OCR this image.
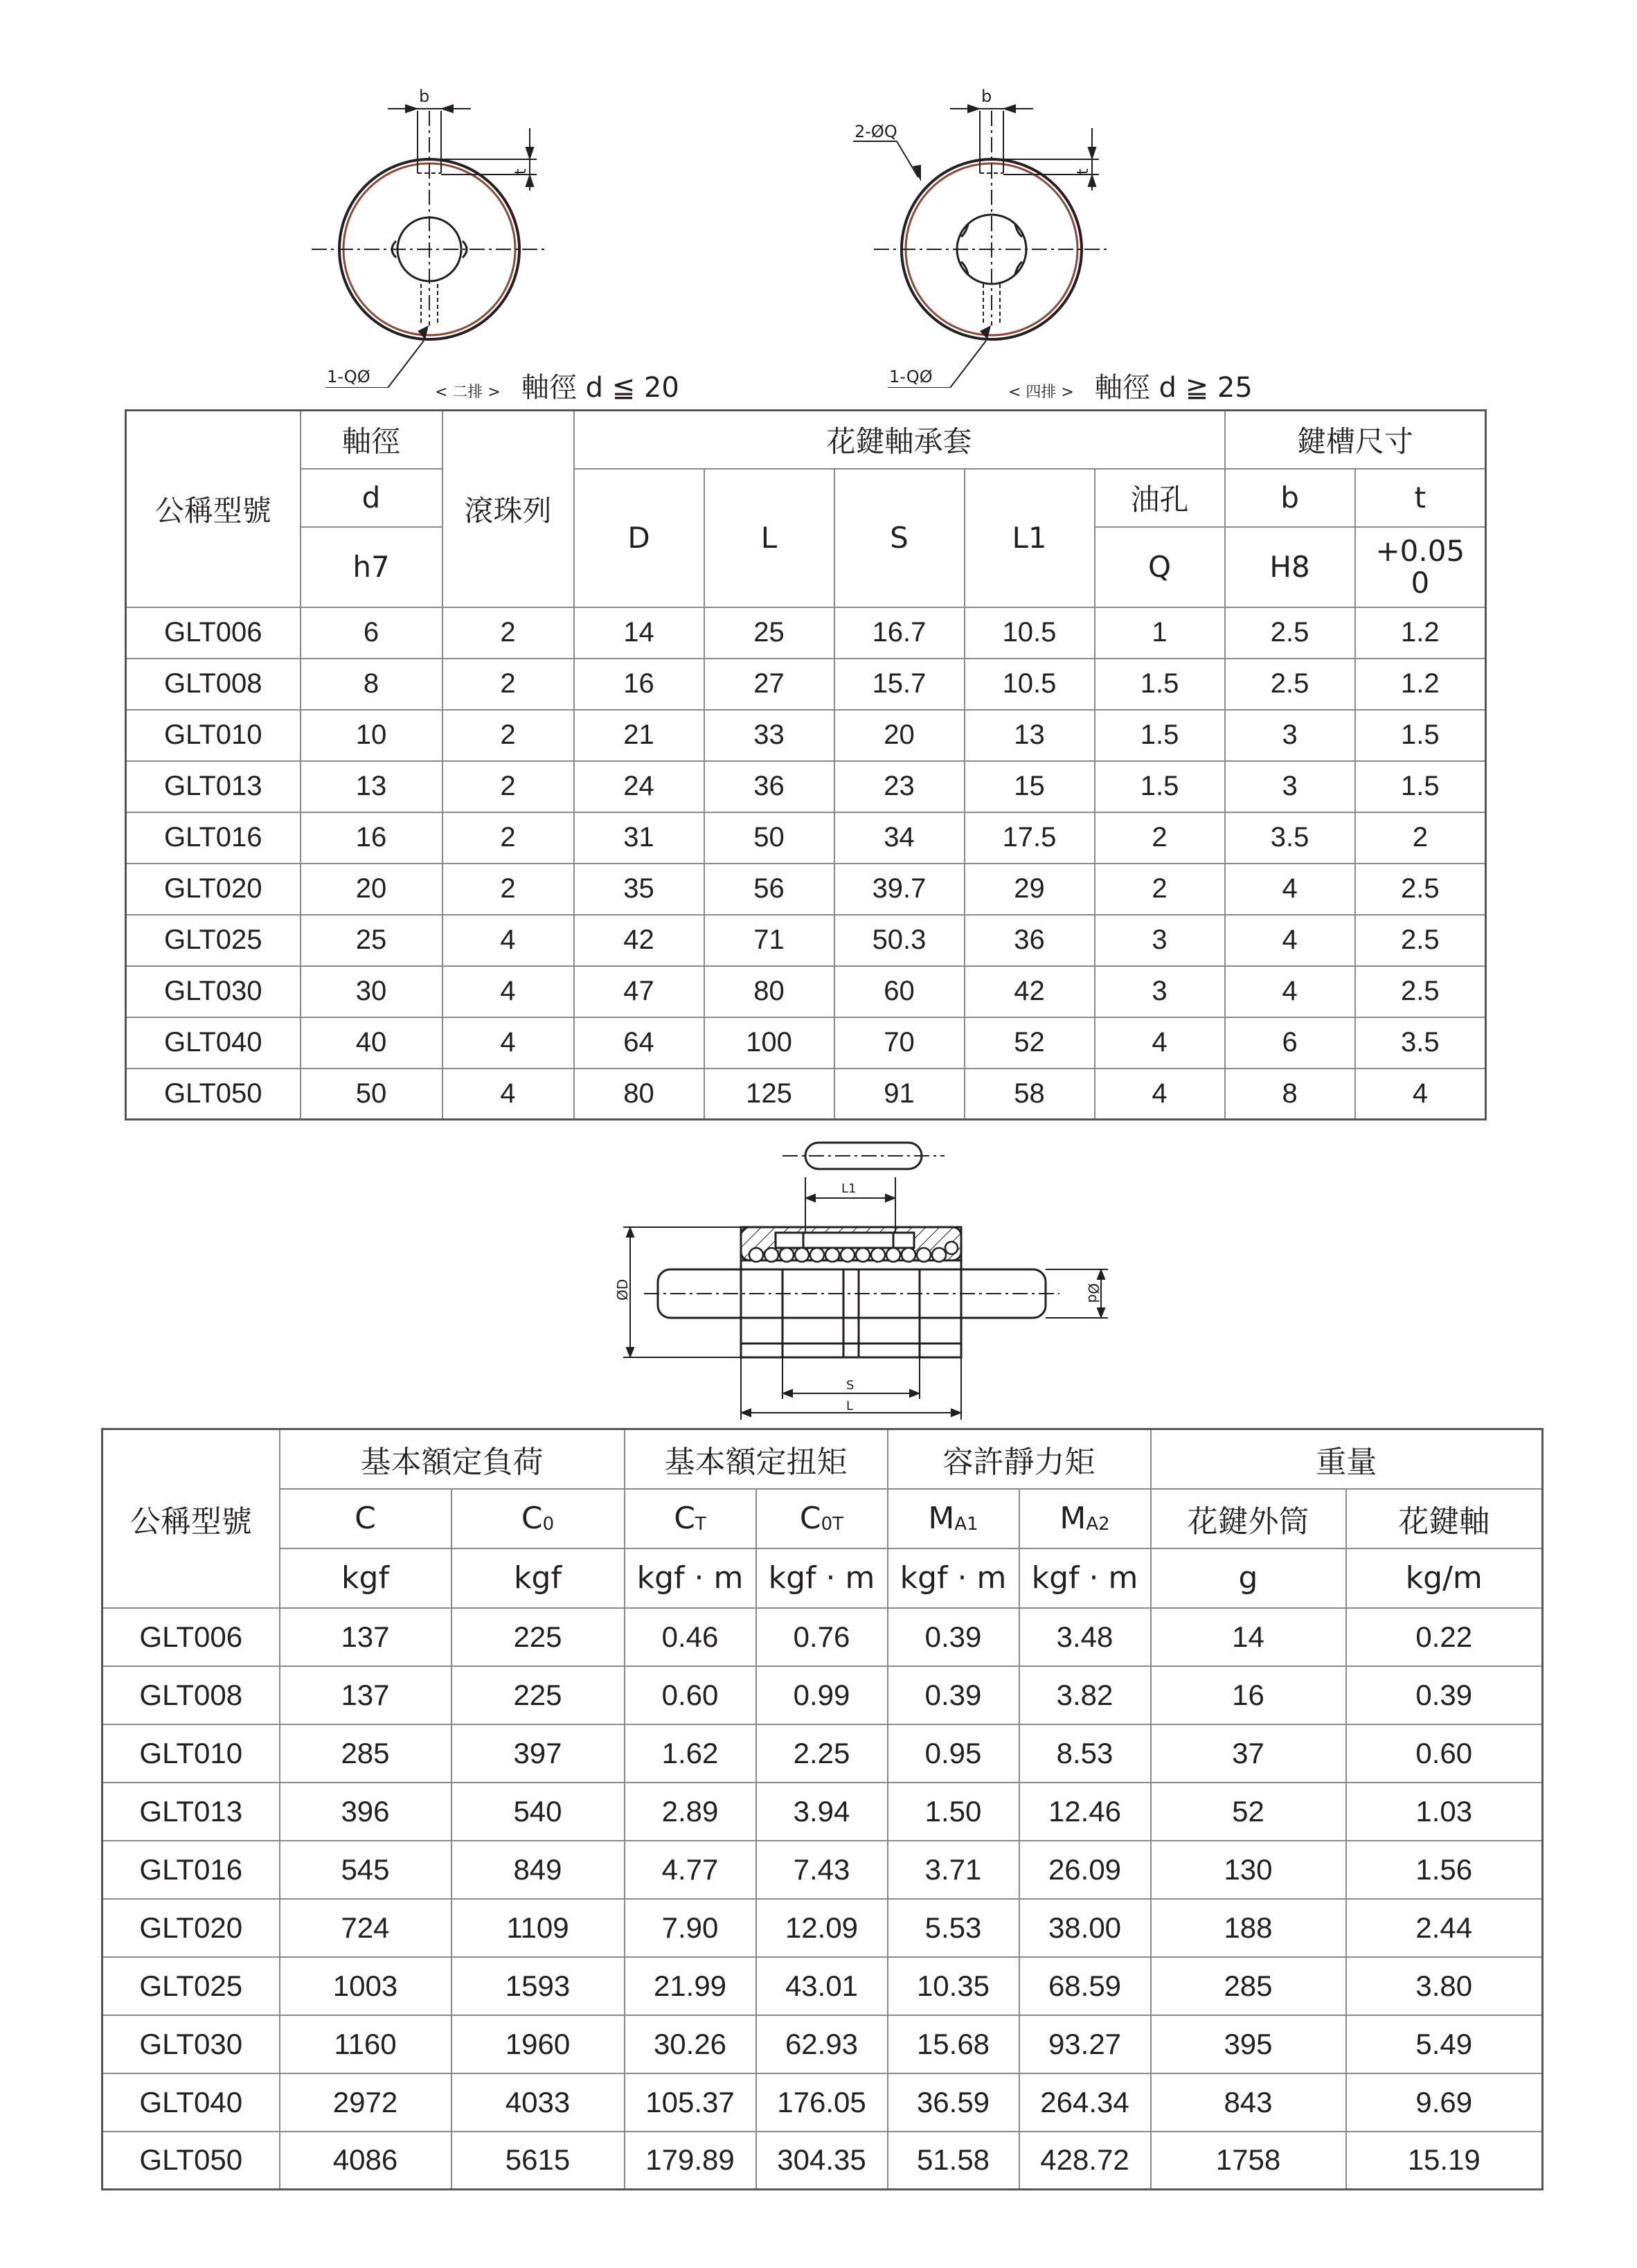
b
t
1-QØ
< 二排 > 軸徑 d ≦ 20
b
t
2-ØQ
1-QØ
< 四排 > 軸徑 d ≧ 25
公稱型號	軸徑	滾珠列	花鍵軸承套					鍵槽尺寸	
	d		D	L	S	L1	油孔	b	t
	h7						Q	H8	+0.05
0

GLT006	6	2	14	25	16.7	10.5	1	2.5	1.2
GLT008	8	2	16	27	15.7	10.5	1.5	2.5	1.2
GLT010	10	2	21	33	20	13	1.5	3	1.5
GLT013	13	2	24	36	23	15	1.5	3	1.5
GLT016	16	2	31	50	34	17.5	2	3.5	2
GLT020	20	2	35	56	39.7	29	2	4	2.5
GLT025	25	4	42	71	50.3	36	3	4	2.5
GLT030	30	4	47	80	60	42	3	4	2.5
GLT040	40	4	64	100	70	52	4	6	3.5
GLT050	50	4	80	125	91	58	4	8	4
L1
S
L
ØD	Ød
公稱型號	基本額定負荷		基本額定扭矩		容許靜力矩		重量	
	C	$C_0$	$C_T$	$C_{0T}$	$M_{A1}$	$M_{A2}$	花鍵外筒	花鍵軸
	kgf	kgf	kgf · m	kgf · m	kgf · m	kgf · m	g	kg/m
GLT006	137	225	0.46	0.76	0.39	3.48	14	0.22
GLT008	137	225	0.60	0.99	0.39	3.82	16	0.39
GLT010	285	397	1.62	2.25	0.95	8.53	37	0.60
GLT013	396	540	2.89	3.94	1.50	12.46	52	1.03
GLT016	545	849	4.77	7.43	3.71	26.09	130	1.56
GLT020	724	1109	7.90	12.09	5.53	38.00	188	2.44
GLT025	1003	1593	21.99	43.01	10.35	68.59	285	3.80
GLT030	1160	1960	30.26	62.93	15.68	93.27	395	5.49
GLT040	2972	4033	105.37	176.05	36.59	264.34	843	9.69
GLT050	4086	5615	179.89	304.35	51.58	428.72	1758	15.19
